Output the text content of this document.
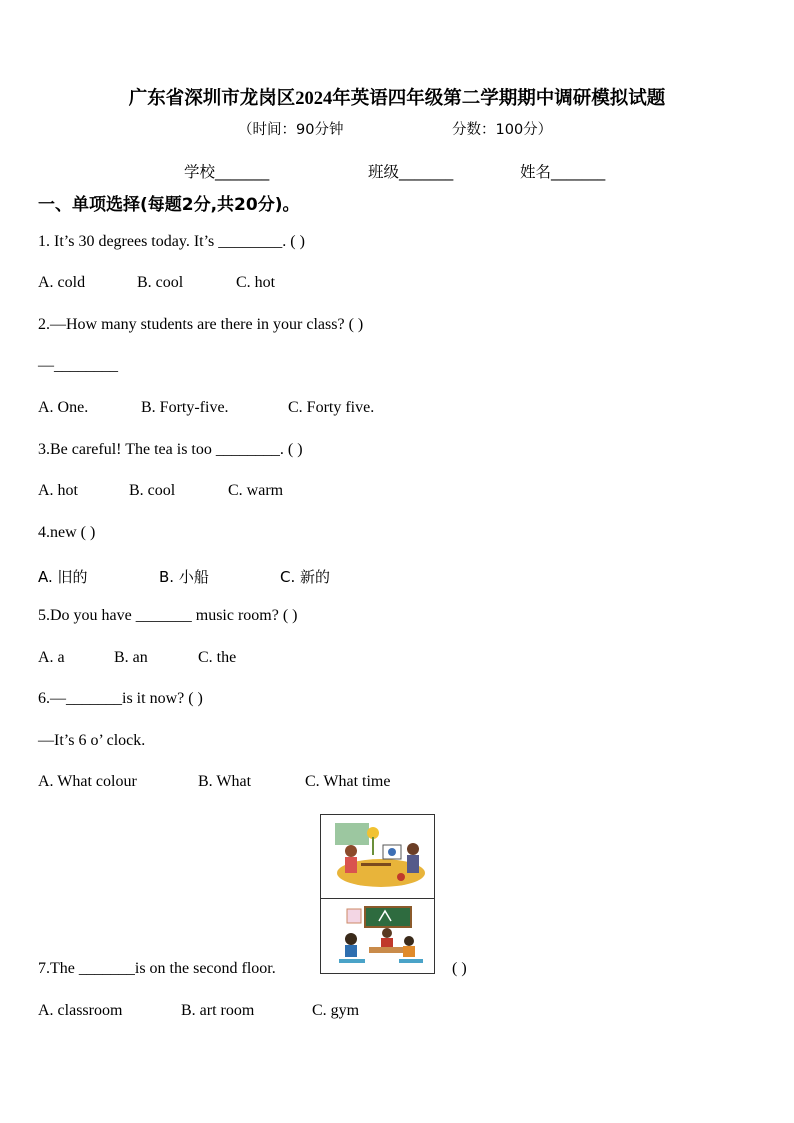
广东省深圳市龙岗区2024年英语四年级第二学期期中调研模拟试题
（时间：90分钟	分数：100分）
学校_______	班级_______	姓名_______
一、单项选择(每题2分,共20分)。
1. It’s 30 degrees today. It’s ________. ( )
A. cold	B. cool	C. hot
2.—How many students are there in your class? ( )
—________
A. One.	B. Forty-five.	C. Forty five.
3.Be careful! The tea is too ________. ( )
A. hot	B. cool	C. warm
4.new ( )
A. 旧的	B. 小船	C. 新的
5.Do you have _______ music room? ( )
A. a	B. an	C. the
6.—_______is it now? ( )
—It’s 6 o’ clock.
A. What colour	B. What	C. What time
7.The _______is on the second floor.	( )
A. classroom	B. art room	C. gym
